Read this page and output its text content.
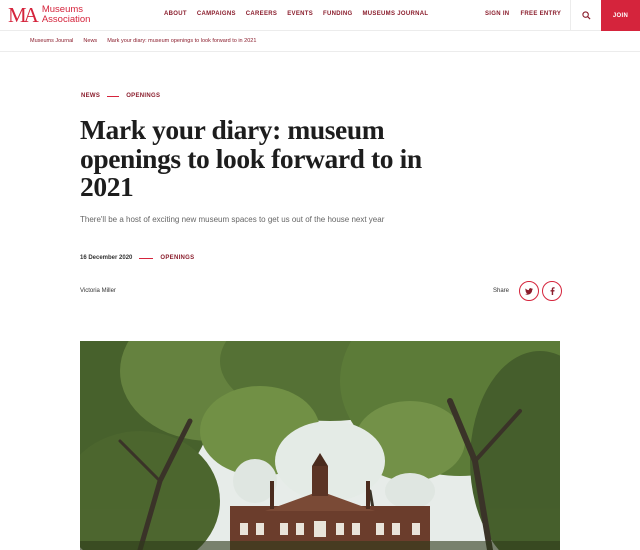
MA Museums
Association	ABOUT CAMPAIGNS CAREERS EVENTS FUNDING MUSEUMS JOURNAL	SIGN IN FREE ENTRY	JOIN
Museums Journal News Mark your diary: museum openings to look forward to in 2021
NEWS	OPENINGS
Mark your diary: museum openings to look forward to in 2021

There'll be a host of exciting new museum spaces to get us out of the house next year

16 December 2020	OPENINGS
Victoria Miller	Share
